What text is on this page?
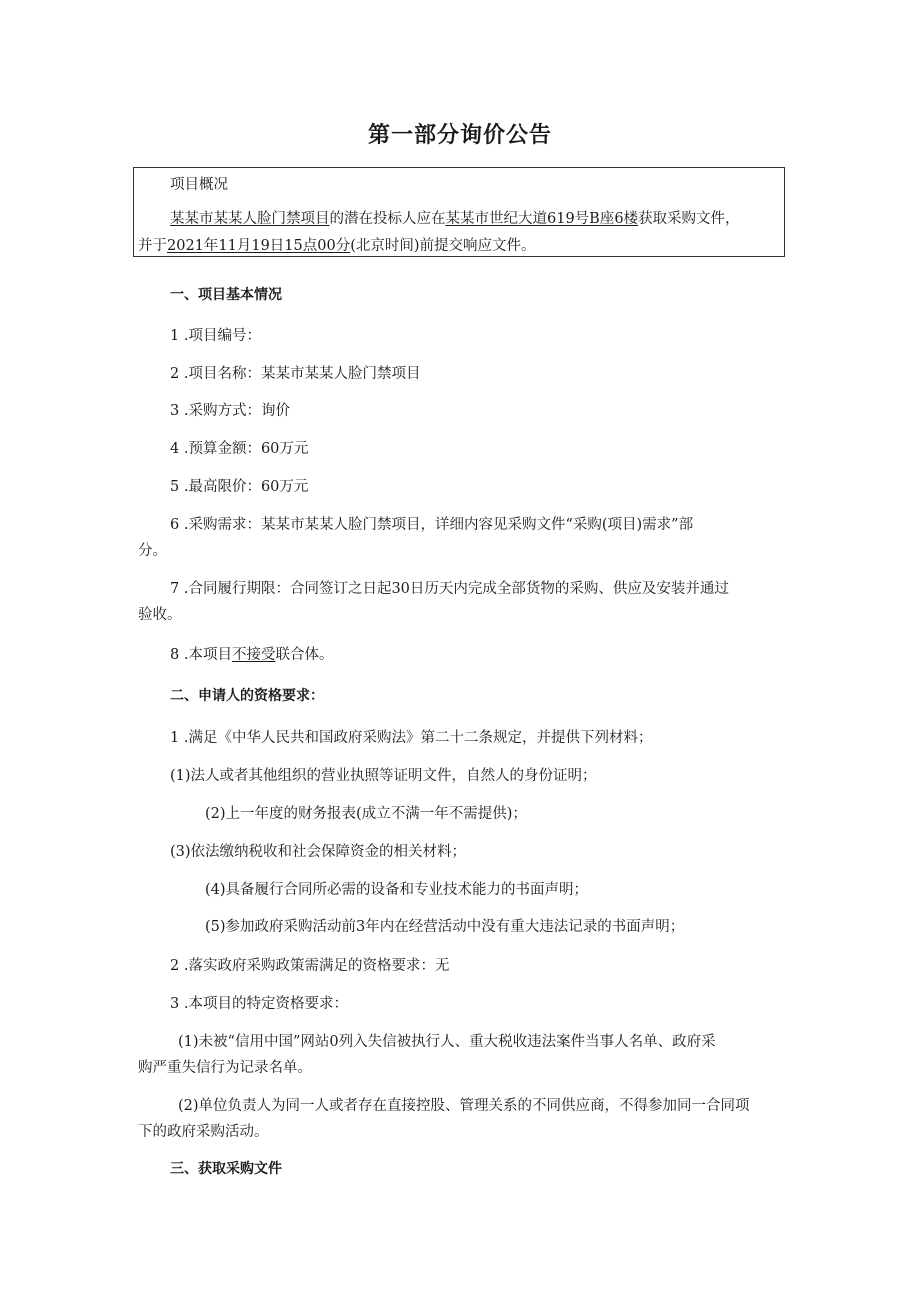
第一部分询价公告
项目概况
某某市某某人脸门禁项目的潜在投标人应在某某市世纪大道619号B座6楼获取采购文件，
并于2021年11月19日15点00分(北京时间)前提交响应文件。
一、项目基本情况
1 .项目编号：
2 .项目名称：某某市某某人脸门禁项目
3 .采购方式：询价
4 .预算金额：60万元
5 .最高限价：60万元
6 .采购需求：某某市某某人脸门禁项目，详细内容见采购文件“采购(项目)需求”部
分。
7 .合同履行期限：合同签订之日起30日历天内完成全部货物的采购、供应及安装并通过
验收。
8 .本项目不接受联合体。
二、申请人的资格要求：
1 .满足《中华人民共和国政府采购法》第二十二条规定，并提供下列材料；
(1)法人或者其他组织的营业执照等证明文件，自然人的身份证明；
(2)上一年度的财务报表(成立不满一年不需提供)；
(3)依法缴纳税收和社会保障资金的相关材料；
(4)具备履行合同所必需的设备和专业技术能力的书面声明；
(5)参加政府采购活动前3年内在经营活动中没有重大违法记录的书面声明；
2 .落实政府采购政策需满足的资格要求：无
3 .本项目的特定资格要求：
(1)未被“信用中国”网站0列入失信被执行人、重大税收违法案件当事人名单、政府采
购严重失信行为记录名单。
(2)单位负责人为同一人或者存在直接控股、管理关系的不同供应商，不得参加同一合同项
下的政府采购活动。
三、获取采购文件
